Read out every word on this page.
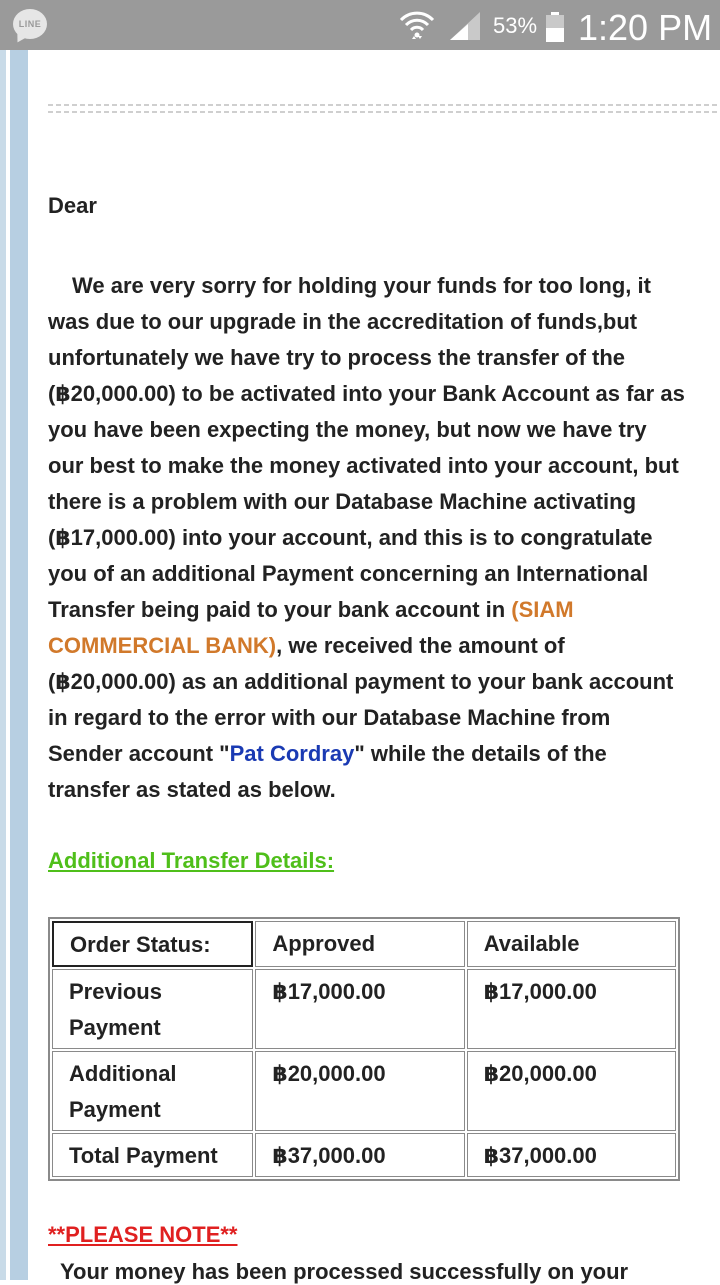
LINE	53% 1:20 PM
Dear
We are very sorry for holding your funds for too long, it was due to our upgrade in the accreditation of funds,but unfortunately we have try to process the transfer of the (฿20,000.00) to be activated into your Bank Account as far as you have been expecting the money, but now we have try our best to make the money activated into your account, but there is a problem with our Database Machine activating (฿17,000.00) into your account, and this is to congratulate you of an additional Payment concerning an International Transfer being paid to your bank account in (SIAM COMMERCIAL BANK), we received the amount of (฿20,000.00) as an additional payment to your bank account in regard to the error with our Database Machine from Sender account "Pat Cordray" while the details of the transfer as stated as below.
Additional Transfer Details:
Order Status:	Approved	Available
Previous Payment	฿17,000.00	฿17,000.00
Additional Payment	฿20,000.00	฿20,000.00
Total Payment	฿37,000.00	฿37,000.00
**PLEASE NOTE**
Your money has been processed successfully on your
